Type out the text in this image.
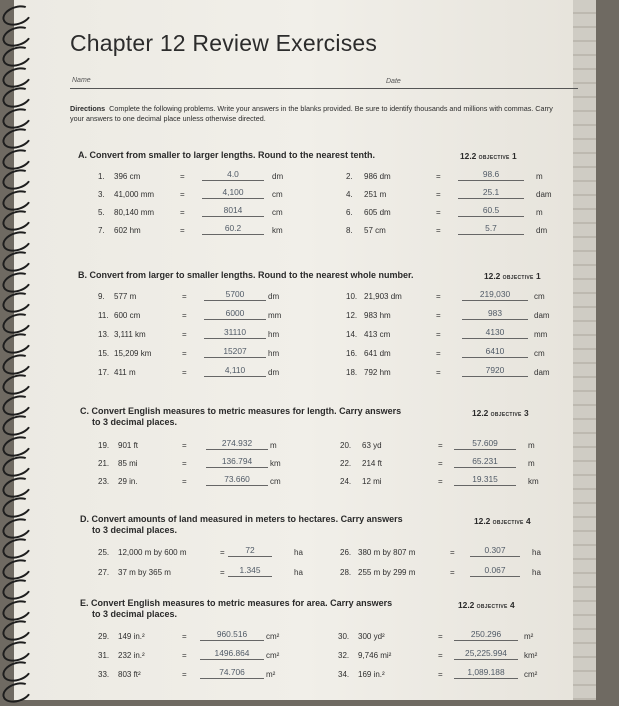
Chapter 12 Review Exercises
Name	Date
Directions Complete the following problems. Write your answers in the blanks provided. Be sure to identify thousands and millions with commas. Carry your answers to one decimal place unless otherwise directed.
A. Convert from smaller to larger lengths. Round to the nearest tenth.	12.2 OBJECTIVE 1
B. Convert from larger to smaller lengths. Round to the nearest whole number.	12.2 OBJECTIVE 1
C. Convert English measures to metric measures for length. Carry answers
to 3 decimal places.
12.2 OBJECTIVE 3
D. Convert amounts of land measured in meters to hectares. Carry answers
to 3 decimal places.
12.2 OBJECTIVE 4
E. Convert English measures to metric measures for area. Carry answers
to 3 decimal places.
12.2 OBJECTIVE 4
1. 396 cm	=	4.0	dm	2. 986 dm	=	98.6	m
3. 41,000 mm	=	4,100	cm	4. 251 m	=	25.1	dam
5. 80,140 mm	=	8014	cm	6. 605 dm	=	60.5	m
7. 602 hm	=	60.2	km	8. 57 cm	=	5.7	dm
9. 577 m	=	5700	dm	10. 21,903 dm	=	219,030	cm
11. 600 cm	=	6000	mm	12. 983 hm	=	983	dam
13. 3,111 km	=	31110	hm	14. 413 cm	=	4130	mm
15. 15,209 km	=	15207	hm	16. 641 dm	=	6410	cm
17. 411 m	=	4,110	dm	18. 792 hm	=	7920	dam
19. 901 ft	=	274.932	m	20. 63 yd	=	57.609	m
21. 85 mi	=	136.794	km	22. 214 ft	=	65.231	m
23. 29 in.	=	73.660	cm	24. 12 mi	=	19.315	km
25. 12,000 m by 600 m	=	72	ha	26. 380 m by 807 m	=	0.307	ha
27. 37 m by 365 m	=	1.345	ha	28. 255 m by 299 m	=	0.067	ha
29. 149 in.²	=	960.516	cm²	30. 300 yd²	=	250.296	m²
31. 232 in.²	=	1496.864	cm²	32. 9,746 mi²	=	25,225.994	km²
33. 803 ft²	=	74.706	m²	34. 169 in.²	=	1,089.188	cm²
